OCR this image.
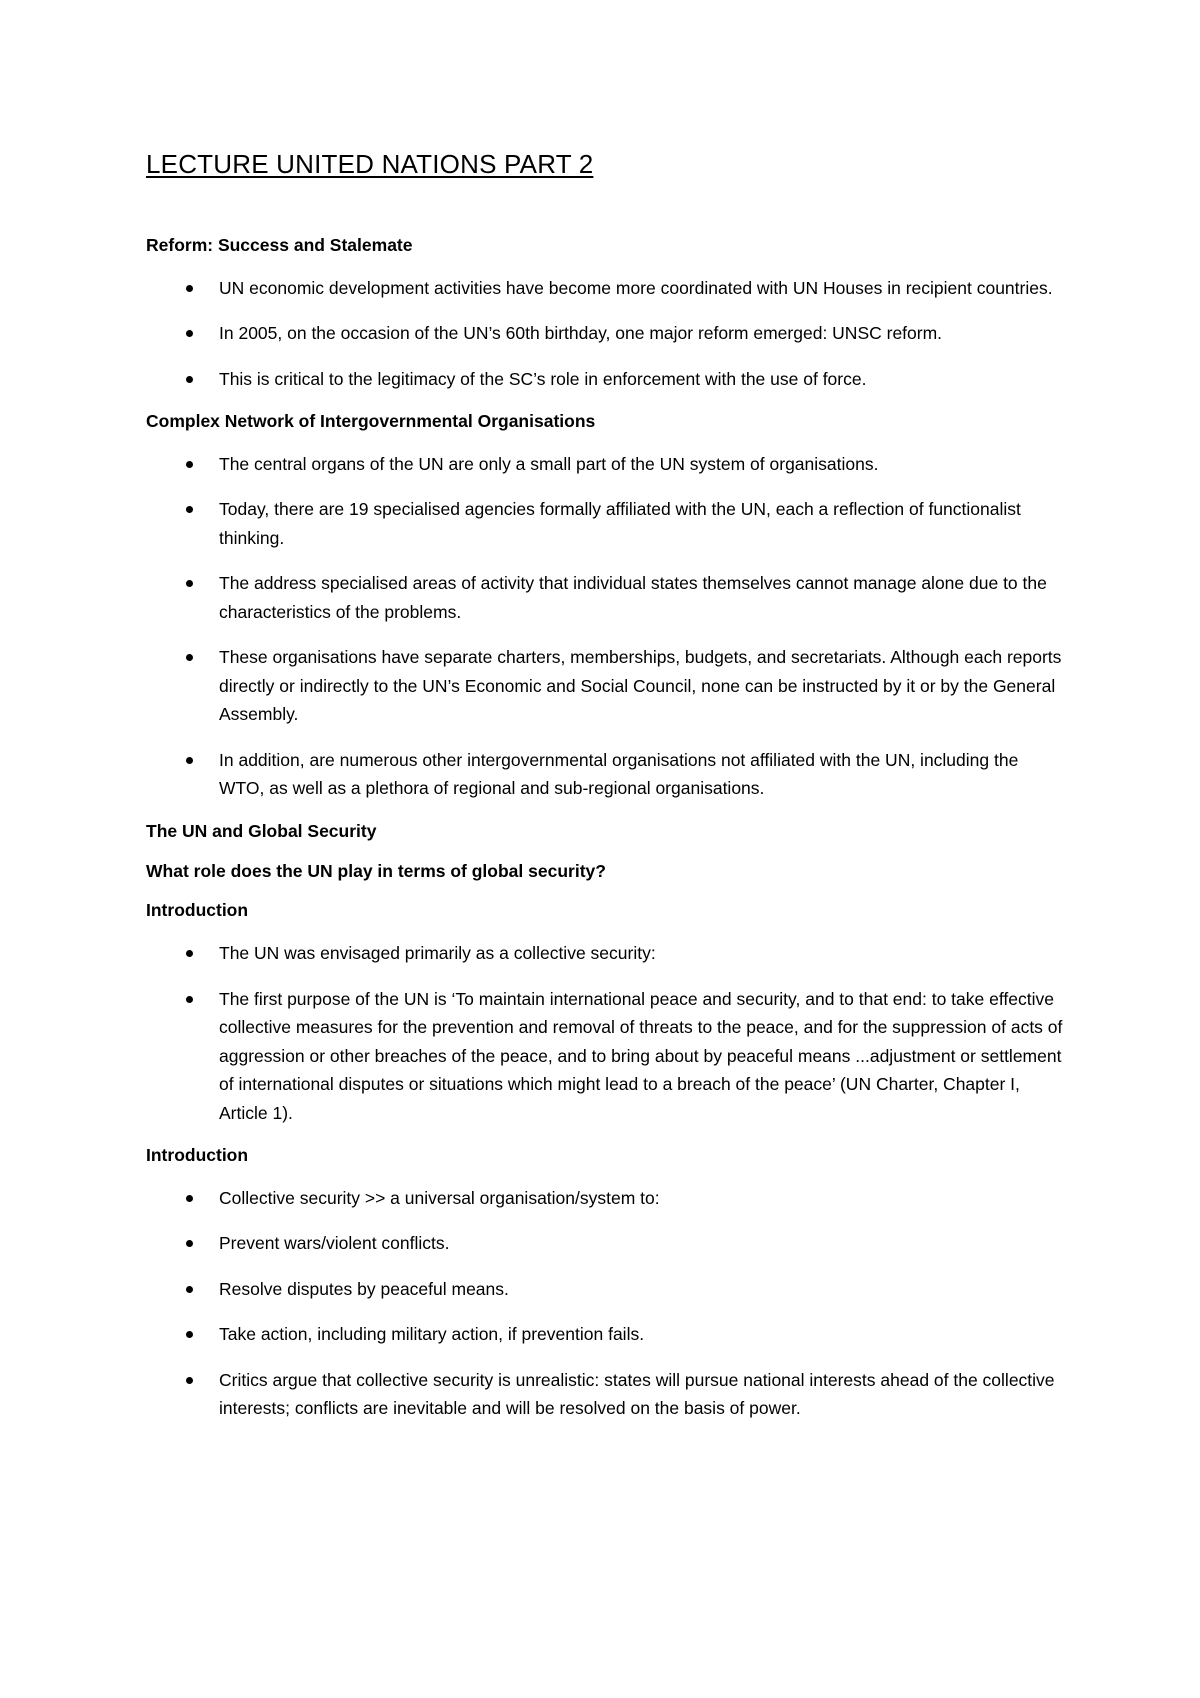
LECTURE UNITED NATIONS PART 2
Reform: Success and Stalemate
UN economic development activities have become more coordinated with UN Houses in recipient countries.
In 2005, on the occasion of the UN’s 60th birthday, one major reform emerged: UNSC reform.
This is critical to the legitimacy of the SC’s role in enforcement with the use of force.
Complex Network of Intergovernmental Organisations
The central organs of the UN are only a small part of the UN system of organisations.
Today, there are 19 specialised agencies formally affiliated with the UN, each a reflection of functionalist thinking.
The address specialised areas of activity that individual states themselves cannot manage alone due to the characteristics of the problems.
These organisations have separate charters, memberships, budgets, and secretariats. Although each reports directly or indirectly to the UN’s Economic and Social Council, none can be instructed by it or by the General Assembly.
In addition, are numerous other intergovernmental organisations not affiliated with the UN, including the WTO, as well as a plethora of regional and sub-regional organisations.
The UN and Global Security
What role does the UN play in terms of global security?
Introduction
The UN was envisaged primarily as a collective security:
The first purpose of the UN is ‘To maintain international peace and security, and to that end: to take effective collective measures for the prevention and removal of threats to the peace, and for the suppression of acts of aggression or other breaches of the peace, and to bring about by peaceful means ...adjustment or settlement of international disputes or situations which might lead to a breach of the peace’ (UN Charter, Chapter I, Article 1).
Introduction
Collective security >> a universal organisation/system to:
Prevent wars/violent conflicts.
Resolve disputes by peaceful means.
Take action, including military action, if prevention fails.
Critics argue that collective security is unrealistic: states will pursue national interests ahead of the collective interests; conflicts are inevitable and will be resolved on the basis of power.
